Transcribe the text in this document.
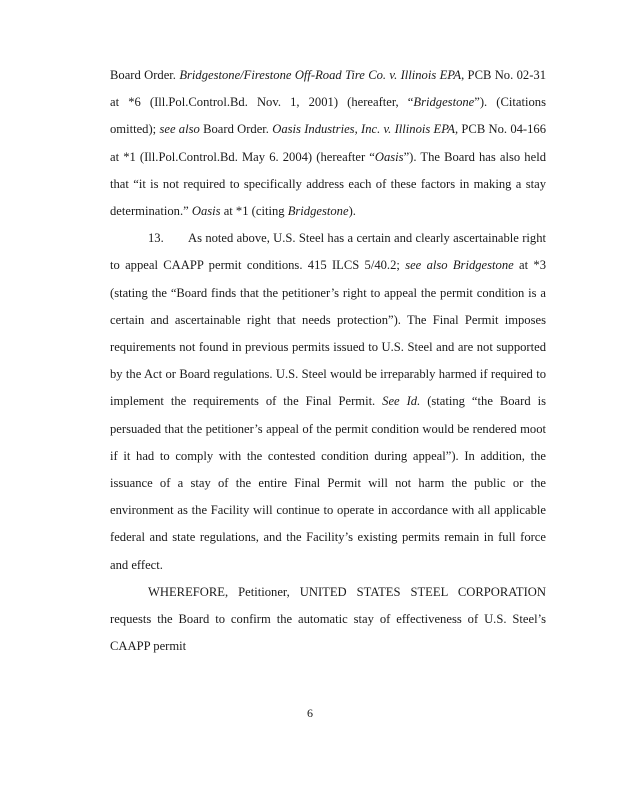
Board Order. Bridgestone/Firestone Off-Road Tire Co. v. Illinois EPA, PCB No. 02-31 at *6 (Ill.Pol.Control.Bd. Nov. 1, 2001) (hereafter, “Bridgestone”). (Citations omitted); see also Board Order. Oasis Industries, Inc. v. Illinois EPA, PCB No. 04-166 at *1 (Ill.Pol.Control.Bd. May 6. 2004) (hereafter “Oasis”). The Board has also held that “it is not required to specifically address each of these factors in making a stay determination.” Oasis at *1 (citing Bridgestone).

13. As noted above, U.S. Steel has a certain and clearly ascertainable right to appeal CAAPP permit conditions. 415 ILCS 5/40.2; see also Bridgestone at *3 (stating the “Board finds that the petitioner’s right to appeal the permit condition is a certain and ascertainable right that needs protection”). The Final Permit imposes requirements not found in previous permits issued to U.S. Steel and are not supported by the Act or Board regulations. U.S. Steel would be irreparably harmed if required to implement the requirements of the Final Permit. See Id. (stating “the Board is persuaded that the petitioner’s appeal of the permit condition would be rendered moot if it had to comply with the contested condition during appeal”). In addition, the issuance of a stay of the entire Final Permit will not harm the public or the environment as the Facility will continue to operate in accordance with all applicable federal and state regulations, and the Facility’s existing permits remain in full force and effect.

WHEREFORE, Petitioner, UNITED STATES STEEL CORPORATION requests the Board to confirm the automatic stay of effectiveness of U.S. Steel’s CAAPP permit

6
